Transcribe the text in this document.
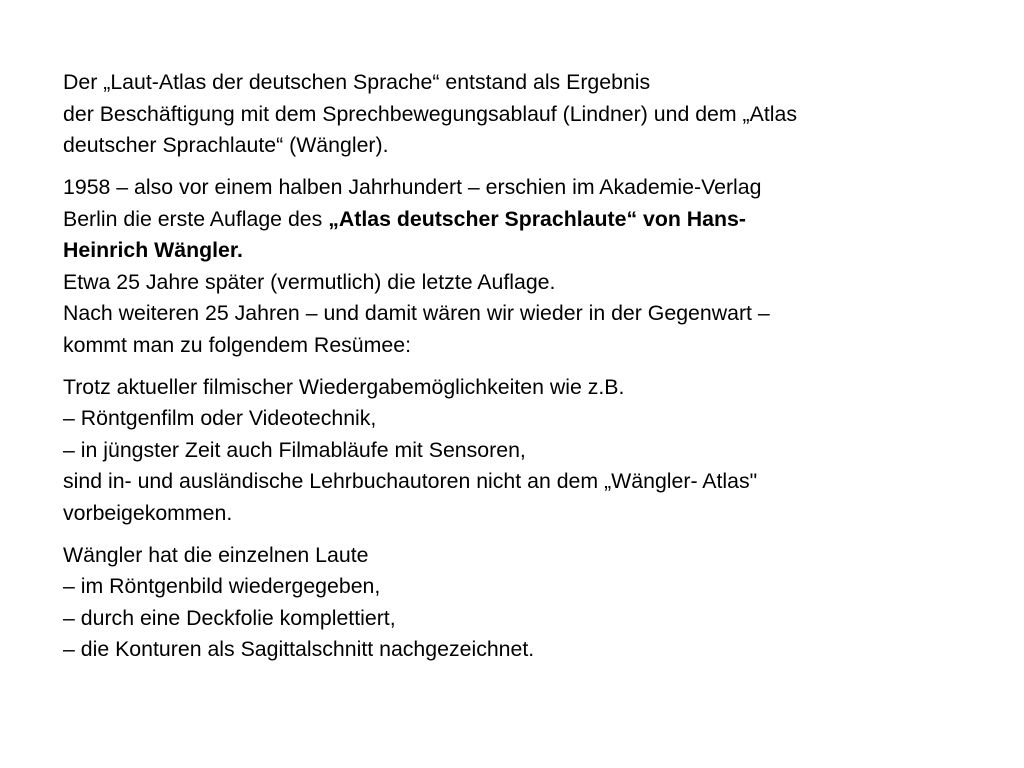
Der „Laut-Atlas der deutschen Sprache“ entstand als Ergebnis
der Beschäftigung mit dem Sprechbewegungsablauf (Lindner) und dem „Atlas
deutscher Sprachlaute“ (Wängler).

1958 – also vor einem halben Jahrhundert – erschien im Akademie-Verlag
Berlin die erste Auflage des „Atlas deutscher Sprachlaute“ von Hans-
Heinrich Wängler.
Etwa 25 Jahre später (vermutlich) die letzte Auflage.
Nach weiteren 25 Jahren – und damit wären wir wieder in der Gegenwart –
kommt man zu folgendem Resümee:

Trotz aktueller filmischer Wiedergabemöglichkeiten wie z.B.
– Röntgenfilm oder Videotechnik,
– in jüngster Zeit auch Filmabläufe mit Sensoren,
sind in- und ausländische Lehrbuchautoren nicht an dem „Wängler- Atlas"
vorbeigekommen.

Wängler hat die einzelnen Laute
– im Röntgenbild wiedergegeben,
– durch eine Deckfolie komplettiert,
– die Konturen als Sagittalschnitt nachgezeichnet.
